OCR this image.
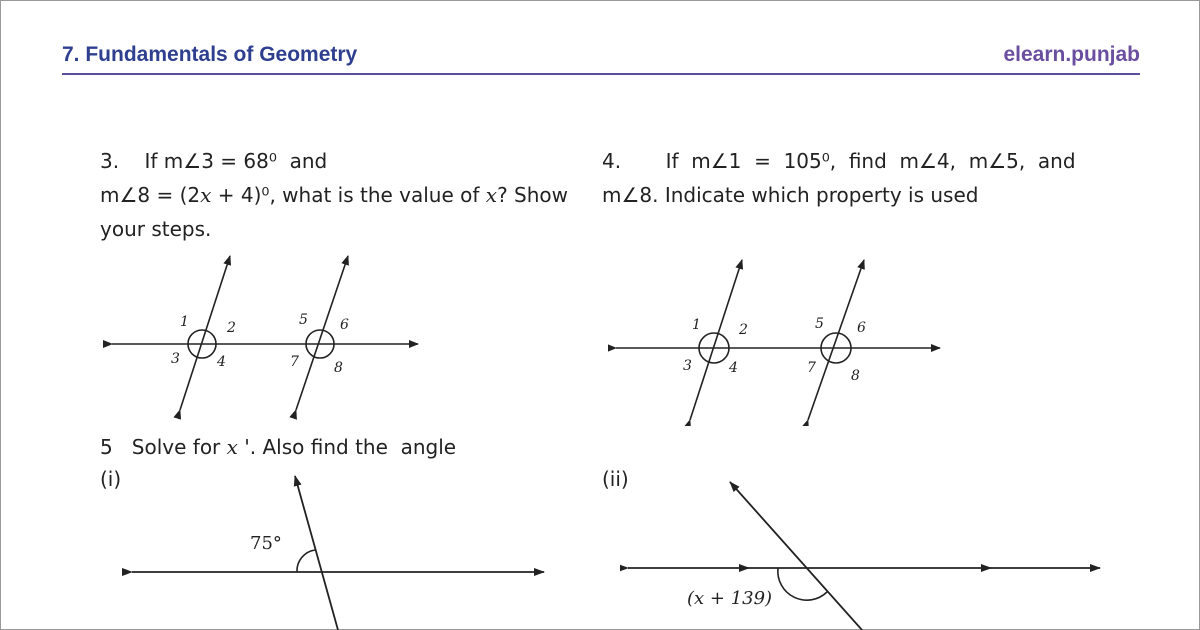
7. Fundamentals of Geometry	elearn.punjab
3.    If m∠3 = 68⁰  and
m∠8 = (2x + 4)⁰, what is the value of x? Show
your steps.
4.       If  m∠1  =  105⁰,  find  m∠4,  m∠5,  and
m∠8. Indicate which property is used
1	2
3	4
5 6
7	8
1	2
3	4
5 6
7	8
5   Solve for x '. Also find the  angle
(i)	(ii)
75°
(x + 139)
